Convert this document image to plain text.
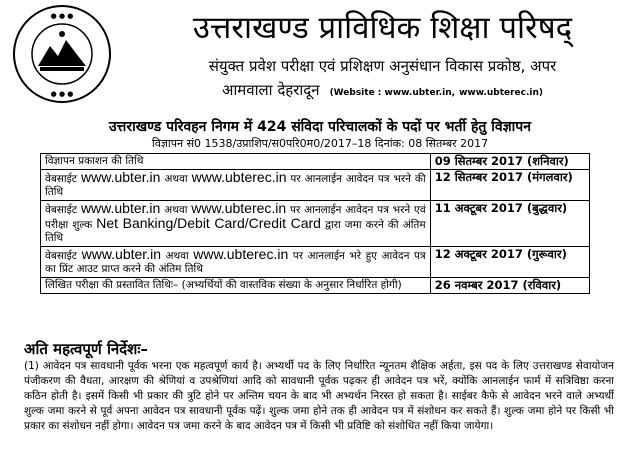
● ● ●
● ● ●
उत्तराखण्ड प्राविधिक शिक्षा परिषद्
संयुक्त प्रवेश परीक्षा एवं प्रशिक्षण अनुसंधान विकास प्रकोष्ठ, अपर
आमवाला देहरादून (Website : www.ubter.in, www.ubterec.in)
उत्तराखण्ड परिवहन निगम में 424 संविदा परिचालकों के पदों पर भर्ती हेतु विज्ञापन
विज्ञापन सं0 1538/उप्राशिप/स0परि0म0/2017–18 दिनांक: 08 सितम्बर 2017
विज्ञापन प्रकाशन की तिथि	09 सितम्बर 2017 (शनिवार)
वेबसाईट www.ubter.in अथवा www.ubterec.in पर आनलाईन आवेदन पत्र भरने की तिथि	12 सितम्बर 2017 (मंगलवार)
वेबसाईट www.ubter.in अथवा www.ubterec.in पर आनलाईन आवेदन पत्र भरने एवं परीक्षा शुल्क Net Banking/Debit Card/Credit Card द्वारा जमा करने की अंतिम तिथि	11 अक्टूबर 2017 (बुद्धवार)
वेबसाईट www.ubter.in अथवा www.ubterec.in पर आनलाईन भरे हुए आवेदन पत्र का प्रिंट आउट प्राप्त करने की अंतिम तिथि	12 अक्टूबर 2017 (गुरूवार)
लिखित परीक्षा की प्रस्तावित तिथिः– (अभ्यर्थियों की वास्तविक संख्या के अनुसार निर्धारित होगी)	26 नवम्बर 2017 (रविवार)
अति महत्वपूर्ण निर्देशः–
(1) आवेदन पत्र सावधानी पूर्वक भरना एक महत्वपूर्ण कार्य है। अभ्यर्थी पद के लिए निर्धारित न्यूनतम शैक्षिक अर्हता, इस पद के लिए उत्तराखण्ड सेवायोजन पंजीकरण की वैधता, आरक्षण की श्रेणियां व उपश्रेणियां आदि को सावधानी पूर्वक पढ़कर ही आवेदन पत्र भरें, क्योंकि आनलाईन फार्म में सत्रिविष्ठा करना कठिन होती है। इसमें किसी भी प्रकार की त्रुटि होने पर अन्तिम चयन के बाद भी अभ्यर्थन निरस्त हो सकता है। साईबर कैफे से आवेदन भरने वाले अभ्यर्थी शुल्क जमा करने से पूर्व अपना आवेदन पत्र सावधानी पूर्वक पढ़ें। शुल्क जमा होने तक ही आवेदन पत्र में संशोधन कर सकते हैं। शुल्क जमा होने पर किसी भी प्रकार का संशोधन नहीं होगा। आवेदन पत्र जमा करने के बाद आवेदन पत्र में किसी भी प्रविष्टि को संशोधित नहीं किया जायेगा।
